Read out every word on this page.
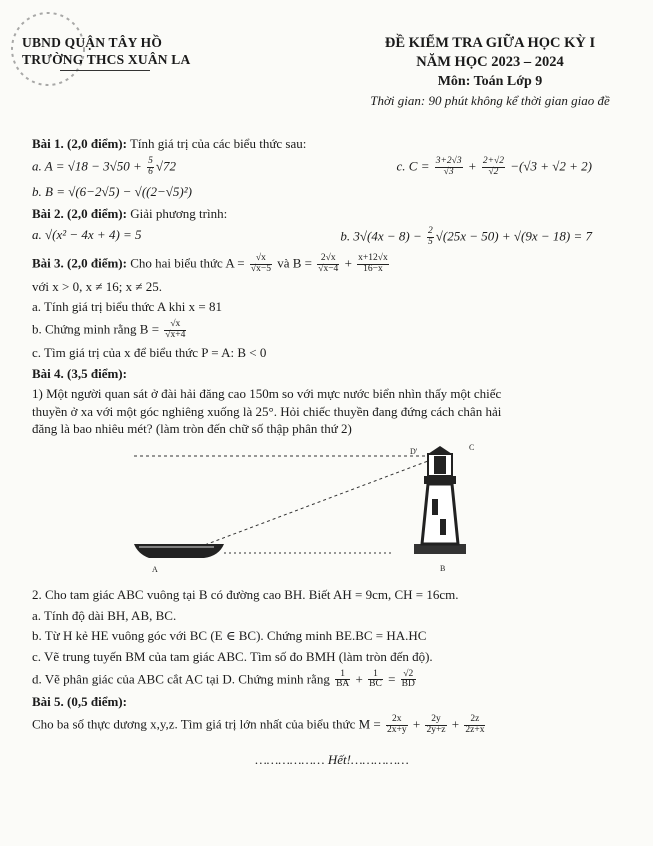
UBND QUẬN TÂY HỒ
TRƯỜNG THCS XUÂN LA
ĐỀ KIỂM TRA GIỮA HỌC KỲ I
NĂM HỌC 2023 – 2024
Môn: Toán Lớp 9
Thời gian: 90 phút không kể thời gian giao đề
Bài 1. (2,0 điểm): Tính giá trị của các biểu thức sau:
a. $A = √18 - 3√50 + \frac{5}{6} √72$	c. $C = \frac{3+2√3}{√3} + \frac{2+√2}{√2} -(√3 + √2 + 2)$
b. B = √(6−2√5) − √((2−√5)²)
Bài 2. (2,0 điểm): Giải phương trình:
a. √(x² − 4x + 4) = 5	b. $3√(4x - 8) - \frac{2}{5} √(25x - 50) + √(9x - 18) = 7$
Bài 3. (2,0 điểm): Cho hai biểu thức $A = \frac{√x}{√x-5}$ và $B = \frac{2√x}{√x-4} + \frac{x+12√x}{16-x}$
với x > 0, x ≠ 16; x ≠ 25.
a. Tính giá trị biểu thức A khi x = 81
b. Chứng minh rằng $B = \frac{√x}{√x+4}$
c. Tìm giá trị của x để biểu thức P = A: B < 0
Bài 4. (3,5 điểm):
1) Một người quan sát ở đài hải đăng cao 150m so với mực nước biển nhìn thấy một chiếc
thuyền ở xa với một góc nghiêng xuống là 25°. Hỏi chiếc thuyền đang đứng cách chân hải
đăng là bao nhiêu mét? (làm tròn đến chữ số thập phân thứ 2)
A	B
C
D'
2. Cho tam giác ABC vuông tại B có đường cao BH. Biết AH = 9cm, CH = 16cm.
a. Tính độ dài BH, AB, BC.
b. Từ H kẻ HE vuông góc với BC (E ∈ BC). Chứng minh BE.BC = HA.HC
c. Vẽ trung tuyến BM của tam giác ABC. Tìm số đo BMH (làm tròn đến độ).
d. Vẽ phân giác của ABC cắt AC tại D. Chứng minh rằng $\frac{1}{BA} + \frac{1}{BC} = \frac{√2}{BD}$
Bài 5. (0,5 điểm):
Cho ba số thực dương x,y,z. Tìm giá trị lớn nhất của biểu thức $M = \frac{2x}{2x+y} + \frac{2y}{2y+z} + \frac{2z}{2z+x}$
……………… Hết!……………
